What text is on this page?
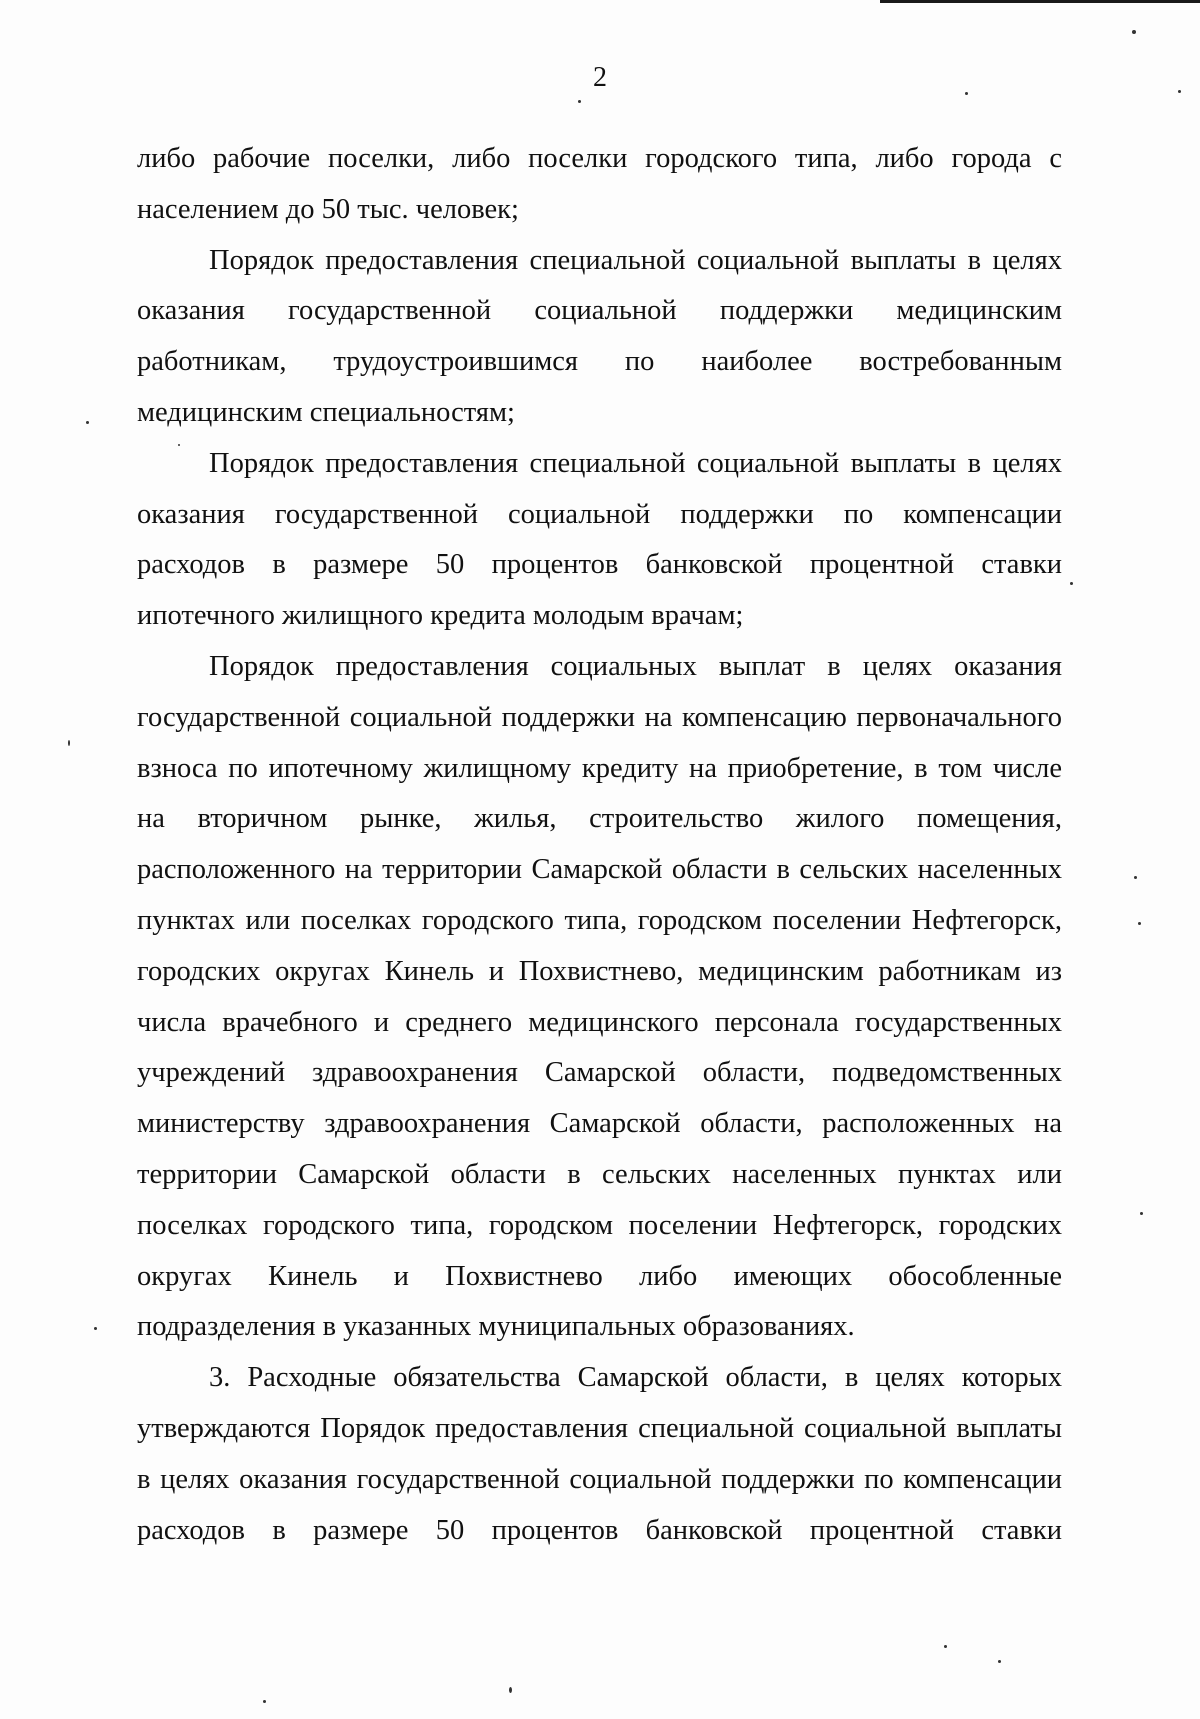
2

либо рабочие поселки, либо поселки городского типа, либо города с населением до 50 тыс. человек;

Порядок предоставления специальной социальной выплаты в целях оказания государственной социальной поддержки медицинским работникам, трудоустроившимся по наиболее востребованным медицинским специальностям;

Порядок предоставления специальной социальной выплаты в целях оказания государственной социальной поддержки по компенсации расходов в размере 50 процентов банковской процентной ставки ипотечного жилищного кредита молодым врачам;

Порядок предоставления социальных выплат в целях оказания государственной социальной поддержки на компенсацию первоначального взноса по ипотечному жилищному кредиту на приобретение, в том числе на вторичном рынке, жилья, строительство жилого помещения, расположенного на территории Самарской области в сельских населенных пунктах или поселках городского типа, городском поселении Нефтегорск, городских округах Кинель и Похвистнево, медицинским работникам из числа врачебного и среднего медицинского персонала государственных учреждений здравоохранения Самарской области, подведомственных министерству здравоохранения Самарской области, расположенных на территории Самарской области в сельских населенных пунктах или поселках городского типа, городском поселении Нефтегорск, городских округах Кинель и Похвистнево либо имеющих обособленные подразделения в указанных муниципальных образованиях.

3. Расходные обязательства Самарской области, в целях которых утверждаются Порядок предоставления специальной социальной выплаты в целях оказания государственной социальной поддержки по компенсации расходов в размере 50 процентов банковской процентной ставки
